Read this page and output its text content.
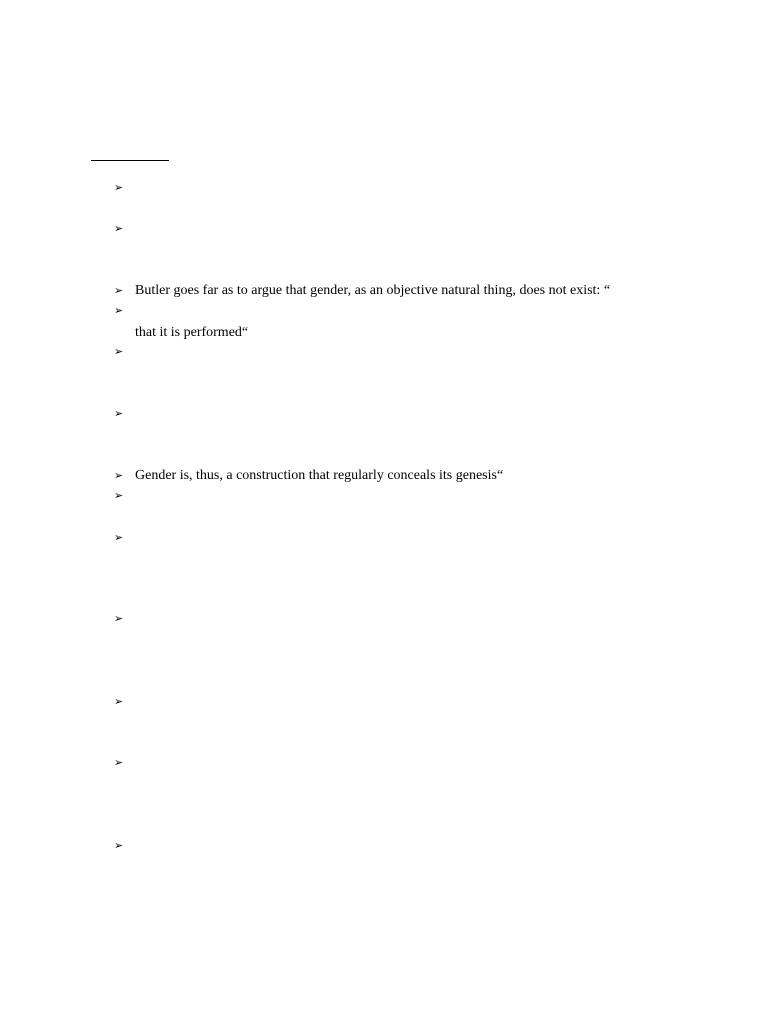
➢
➢
➢ Butler goes far as to argue that gender, as an objective natural thing, does not exist: “
➢
that it is performed“
➢
➢
➢ Gender is, thus, a construction that regularly conceals its genesis“
➢
➢
➢
➢
➢
➢
